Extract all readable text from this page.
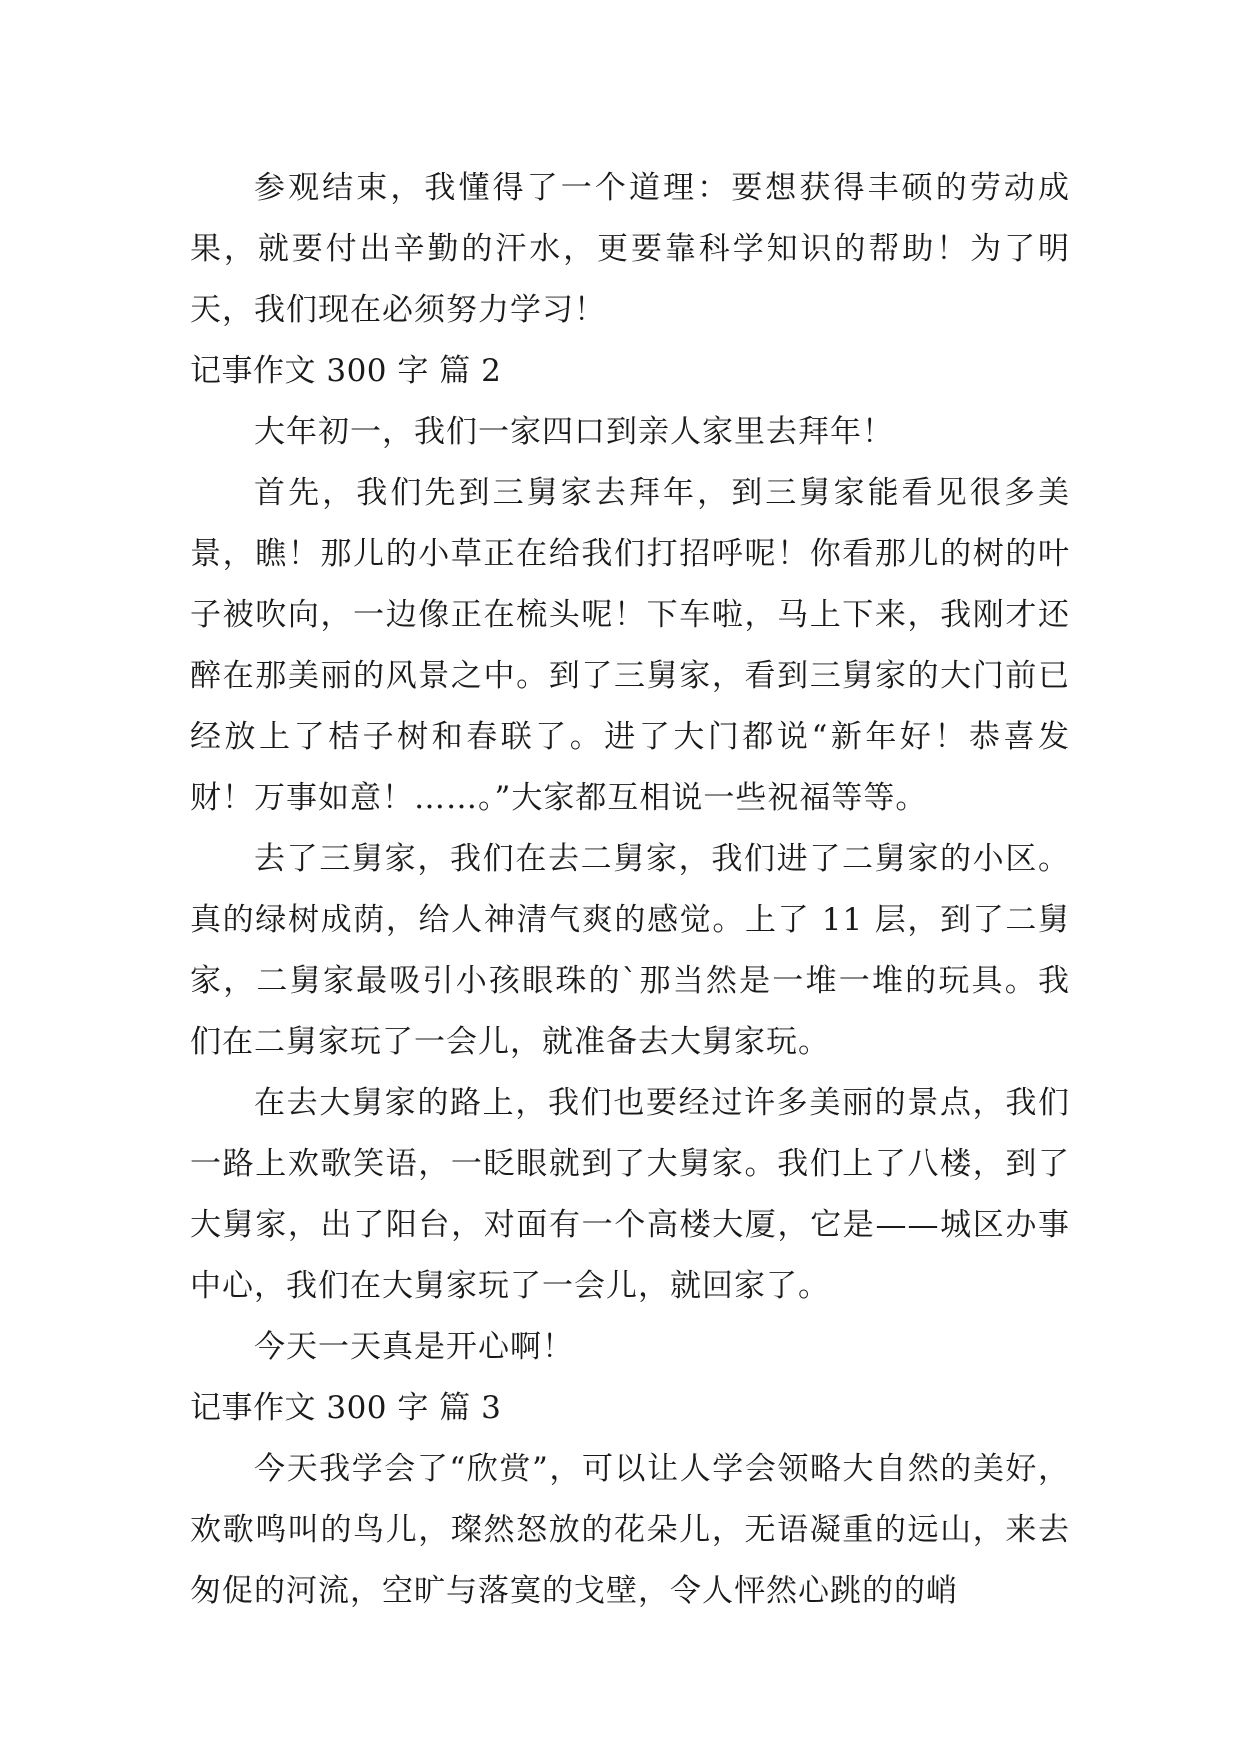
参观结束，我懂得了一个道理：要想获得丰硕的劳动成果，就要付出辛勤的汗水，更要靠科学知识的帮助！为了明天，我们现在必须努力学习！

记事作文 300 字 篇 2

大年初一，我们一家四口到亲人家里去拜年！

首先，我们先到三舅家去拜年，到三舅家能看见很多美景，瞧！那儿的小草正在给我们打招呼呢！你看那儿的树的叶子被吹向，一边像正在梳头呢！下车啦，马上下来，我刚才还醉在那美丽的风景之中。到了三舅家，看到三舅家的大门前已经放上了桔子树和春联了。进了大门都说“新年好！恭喜发财！万事如意！……。”大家都互相说一些祝福等等。

去了三舅家，我们在去二舅家，我们进了二舅家的小区。真的绿树成荫，给人神清气爽的感觉。上了 11 层，到了二舅家，二舅家最吸引小孩眼珠的`那当然是一堆一堆的玩具。我们在二舅家玩了一会儿，就准备去大舅家玩。

在去大舅家的路上，我们也要经过许多美丽的景点，我们一路上欢歌笑语，一眨眼就到了大舅家。我们上了八楼，到了大舅家，出了阳台，对面有一个高楼大厦，它是——城区办事中心，我们在大舅家玩了一会儿，就回家了。

今天一天真是开心啊！

记事作文 300 字 篇 3

今天我学会了“欣赏”，可以让人学会领略大自然的美好，欢歌鸣叫的鸟儿，璨然怒放的花朵儿，无语凝重的远山，来去匆促的河流，空旷与落寞的戈壁，令人怦然心跳的的峭
